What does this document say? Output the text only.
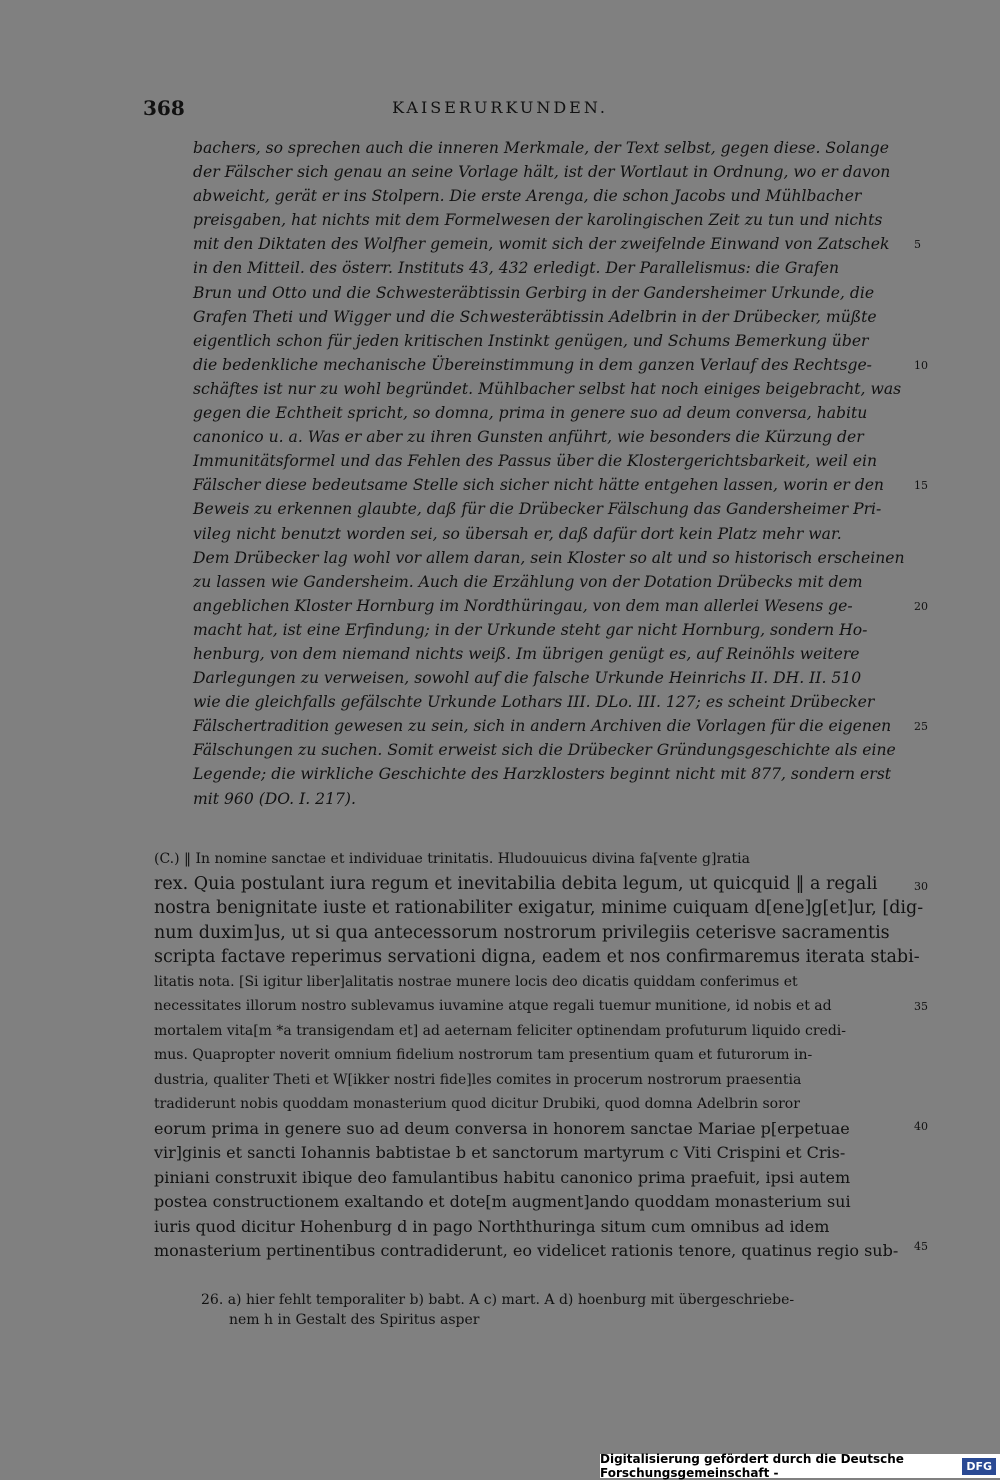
368	KAISERURKUNDEN.
bachers, so sprechen auch die inneren Merkmale, der Text selbst, gegen diese. Solange
der Fälscher sich genau an seine Vorlage hält, ist der Wortlaut in Ordnung, wo er davon
abweicht, gerät er ins Stolpern. Die erste Arenga, die schon Jacobs und Mühlbacher
preisgaben, hat nichts mit dem Formelwesen der karolingischen Zeit zu tun und nichts
mit den Diktaten des Wolfher gemein, womit sich der zweifelnde Einwand von Zatschek
in den Mitteil. des österr. Instituts 43, 432 erledigt. Der Parallelismus: die Grafen
Brun und Otto und die Schwesteräbtissin Gerbirg in der Gandersheimer Urkunde, die
Grafen Theti und Wigger und die Schwesteräbtissin Adelbrin in der Drübecker, müßte
eigentlich schon für jeden kritischen Instinkt genügen, und Schums Bemerkung über
die bedenkliche mechanische Übereinstimmung in dem ganzen Verlauf des Rechtsge-
schäftes ist nur zu wohl begründet. Mühlbacher selbst hat noch einiges beigebracht, was
gegen die Echtheit spricht, so domna, prima in genere suo ad deum conversa, habitu
canonico u. a. Was er aber zu ihren Gunsten anführt, wie besonders die Kürzung der
Immunitätsformel und das Fehlen des Passus über die Klostergerichtsbarkeit, weil ein
Fälscher diese bedeutsame Stelle sich sicher nicht hätte entgehen lassen, worin er den
Beweis zu erkennen glaubte, daß für die Drübecker Fälschung das Gandersheimer Pri-
vileg nicht benutzt worden sei, so übersah er, daß dafür dort kein Platz mehr war.
Dem Drübecker lag wohl vor allem daran, sein Kloster so alt und so historisch erscheinen
zu lassen wie Gandersheim. Auch die Erzählung von der Dotation Drübecks mit dem
angeblichen Kloster Hornburg im Nordthüringau, von dem man allerlei Wesens ge-
macht hat, ist eine Erfindung; in der Urkunde steht gar nicht Hornburg, sondern Ho-
henburg, von dem niemand nichts weiß. Im übrigen genügt es, auf Reinöhls weitere
Darlegungen zu verweisen, sowohl auf die falsche Urkunde Heinrichs II. DH. II. 510
wie die gleichfalls gefälschte Urkunde Lothars III. DLo. III. 127; es scheint Drübecker
Fälschertradition gewesen zu sein, sich in andern Archiven die Vorlagen für die eigenen
Fälschungen zu suchen. Somit erweist sich die Drübecker Gründungsgeschichte als eine
Legende; die wirkliche Geschichte des Harzklosters beginnt nicht mit 877, sondern erst
mit 960 (DO. I. 217).
5
10
15
20
25
(C.) ‖ In nomine sanctae et individuae trinitatis. Hludouuicus divina fa[vente g]ratia
rex. Quia postulant iura regum et inevitabilia debita legum, ut quicquid ‖ a regali
nostra benignitate iuste et rationabiliter exigatur, minime cuiquam d[ene]g[et]ur, [dig-
num duxim]us, ut si qua antecessorum nostrorum privilegiis ceterisve sacramentis
scripta factave reperimus servationi digna, eadem et nos confirmaremus iterata stabi-
litatis nota. [Si igitur liber]alitatis nostrae munere locis deo dicatis quiddam conferimus et
necessitates illorum nostro sublevamus iuvamine atque regali tuemur munitione, id nobis et ad
mortalem vita[m *a transigendam et] ad aeternam feliciter optinendam profuturum liquido credi-
mus. Quapropter noverit omnium fidelium nostrorum tam presentium quam et futurorum in-
dustria, qualiter Theti et W[ikker nostri fide]les comites in procerum nostrorum praesentia
tradiderunt nobis quoddam monasterium quod dicitur Drubiki, quod domna Adelbrin soror
eorum prima in genere suo ad deum conversa in honorem sanctae Mariae p[erpetuae
vir]ginis et sancti Iohannis babtistae b et sanctorum martyrum c Viti Crispini et Cris-
piniani construxit ibique deo famulantibus habitu canonico prima praefuit, ipsi autem
postea constructionem exaltando et dote[m augment]ando quoddam monasterium sui
iuris quod dicitur Hohenburg d in pago Norththuringa situm cum omnibus ad idem
monasterium pertinentibus contradiderunt, eo videlicet rationis tenore, quatinus regio sub-
30
35
40
45
26. a) hier fehlt temporaliter b) babt. A c) mart. A d) hoenburg mit übergeschriebe-
nem h in Gestalt des Spiritus asper
Digitalisierung gefördert durch die Deutsche Forschungsgemeinschaft -	DFG
